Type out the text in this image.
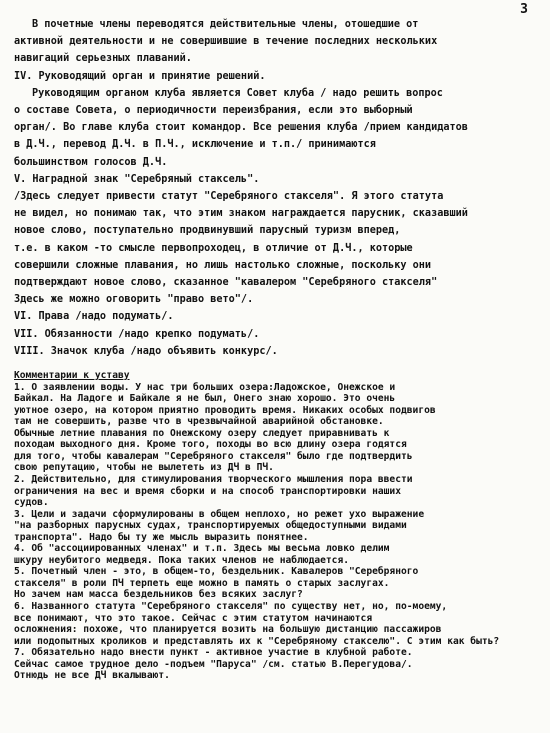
3

В почетные члены переводятся действительные члены, отошедшие от

активной деятельности и не совершившие в течение последних нескольких

навигаций серьезных плаваний.

IV. Руководящий орган и принятие решений.

Руководящим органом клуба является Совет клуба / надо решить вопрос

о составе Совета, о периодичности переизбрания, если это выборный

орган/. Во главе клуба стоит командор. Все решения клуба /прием кандидатов

в Д.Ч., перевод Д.Ч. в П.Ч., исключение и т.п./ принимаются

большинством голосов Д.Ч.

V. Наградной знак "Серебряный стаксель".

/Здесь следует привести статут "Серебряного стакселя". Я этого статута

не видел, но понимаю так, что этим знаком награждается парусник, сказавший

новое слово, поступательно продвинувший парусный туризм вперед,

т.е. в каком -то смысле первопроходец, в отличие от Д.Ч., которые

совершили сложные плавания, но лишь настолько сложные, поскольку они

подтверждают новое слово, сказанное "кавалером "Серебряного стакселя"

Здесь же можно оговорить "право вето"/.

VI. Права /надо подумать/.

VII. Обязанности /надо крепко подумать/.

VIII. Значок клуба /надо объявить конкурс/.

Комментарии к уставу

1. О заявлении воды. У нас три больших озера:Ладожское, Онежское и

Байкал. На Ладоге и Байкале я не был, Онего знаю хорошо. Это очень

уютное озеро, на котором приятно проводить время. Никаких особых подвигов

там не совершить, разве что в чрезвычайной аварийной обстановке.

Обычные летние плавания по Онежскому озеру следует приравнивать к

походам выходного дня. Кроме того, походы во всю длину озера годятся

для того, чтобы кавалерам "Серебряного стакселя" было где подтвердить

свою репутацию, чтобы не вылететь из ДЧ в ПЧ.

2. Действительно, для стимулирования творческого мышления пора ввести

ограничения на вес и время сборки и на способ транспортировки наших

судов.

3. Цели и задачи сформулированы в общем неплохо, но режет ухо выражение

"на разборных парусных судах, транспортируемых общедоступными видами

транспорта". Надо бы ту же мысль выразить понятнее.

4. Об "ассоциированных членах" и т.п. Здесь мы весьма ловко делим

шкуру неубитого медведя. Пока таких членов не наблюдается.

5. Почетный член - это, в общем-то, бездельник. Кавалеров "Серебряного

стакселя" в роли ПЧ терпеть еще можно в память о старых заслугах.

Но зачем нам масса бездельников без всяких заслуг?

6. Названного статута "Серебряного стакселя" по существу нет, но, по-моему,

все понимают, что это такое. Сейчас с этим статутом начинаются

осложнения: похоже, что планируется возить на большую дистанцию пассажиров

или подопытных кроликов и представлять их к "Серебряному стакселю". С этим как быть?

7. Обязательно надо внести пункт - активное участие в клубной работе.

Сейчас самое трудное дело -подъем "Паруса" /см. статью В.Перегудова/.

Отнюдь не все ДЧ вкалывают.
